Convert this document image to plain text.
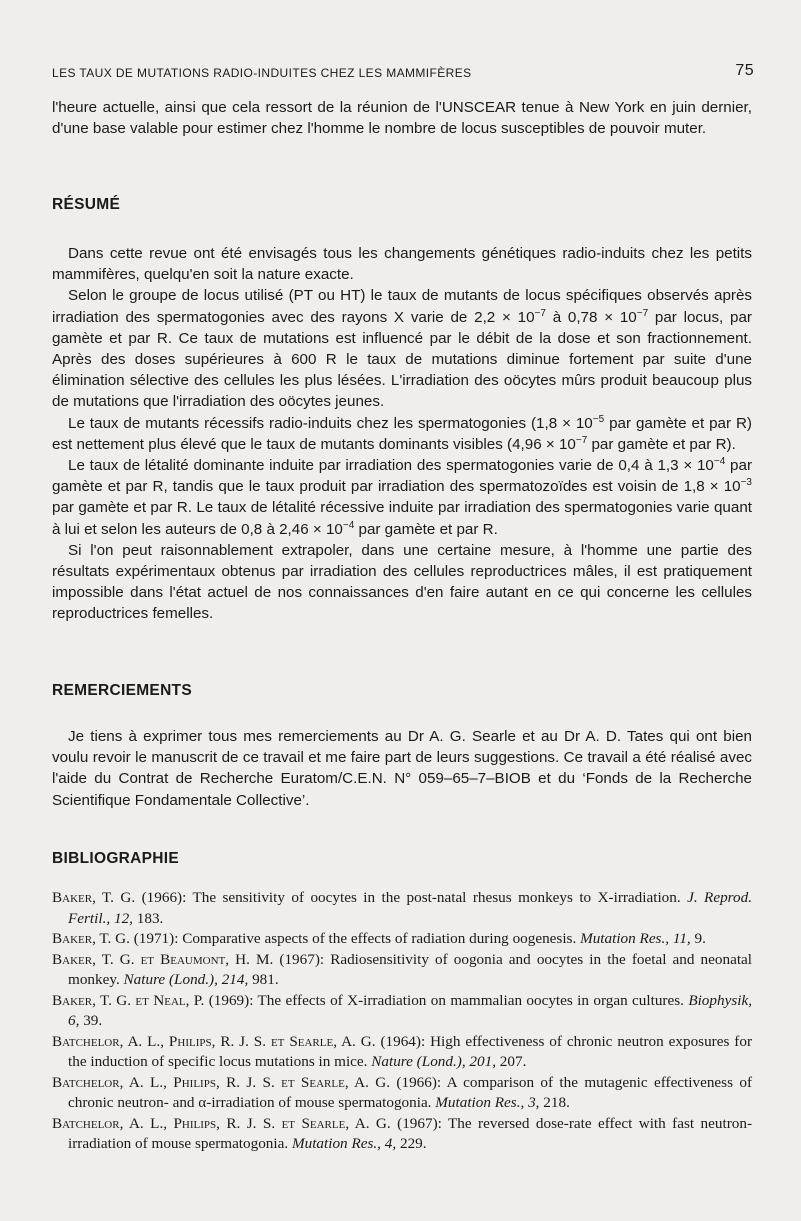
LES TAUX DE MUTATIONS RADIO-INDUITES CHEZ LES MAMMIFÈRES	75

l'heure actuelle, ainsi que cela ressort de la réunion de l'UNSCEAR tenue à New York en juin dernier, d'une base valable pour estimer chez l'homme le nombre de locus susceptibles de pouvoir muter.

RÉSUMÉ

Dans cette revue ont été envisagés tous les changements génétiques radio-induits chez les petits mammifères, quelqu'en soit la nature exacte.

Selon le groupe de locus utilisé (PT ou HT) le taux de mutants de locus spécifiques observés après irradiation des spermatogonies avec des rayons X varie de $2,2 \times 10^{-7}$ à $0,78 \times 10^{-7}$ par locus, par gamète et par R. Ce taux de mutations est influencé par le débit de la dose et son fractionnement. Après des doses supérieures à 600 R le taux de mutations diminue fortement par suite d'une élimination sélective des cellules les plus lésées. L'irradiation des oöcytes mûrs produit beaucoup plus de mutations que l'irradiation des oöcytes jeunes.

Le taux de mutants récessifs radio-induits chez les spermatogonies ($1,8 \times 10^{-5}$ par gamète et par R) est nettement plus élevé que le taux de mutants dominants visibles ($4,96 \times 10^{-7}$ par gamète et par R).

Le taux de létalité dominante induite par irradiation des spermatogonies varie de 0,4 à $1,3 \times 10^{-4}$ par gamète et par R, tandis que le taux produit par irradiation des spermatozoïdes est voisin de $1,8 \times 10^{-3}$ par gamète et par R. Le taux de létalité récessive induite par irradiation des spermatogonies varie quant à lui et selon les auteurs de 0,8 à $2,46 \times 10^{-4}$ par gamète et par R.

Si l'on peut raisonnablement extrapoler, dans une certaine mesure, à l'homme une partie des résultats expérimentaux obtenus par irradiation des cellules reproductrices mâles, il est pratiquement impossible dans l'état actuel de nos connaissances d'en faire autant en ce qui concerne les cellules reproductrices femelles.

REMERCIEMENTS

Je tiens à exprimer tous mes remerciements au Dr A. G. Searle et au Dr A. D. Tates qui ont bien voulu revoir le manuscrit de ce travail et me faire part de leurs suggestions. Ce travail a été réalisé avec l'aide du Contrat de Recherche Euratom/C.E.N. N° 059–65–7–BIOB et du ‘Fonds de la Recherche Scientifique Fondamentale Collective’.

BIBLIOGRAPHIE

Baker, T. G. (1966): The sensitivity of oocytes in the post-natal rhesus monkeys to X-irradiation. J. Reprod. Fertil., 12, 183.

Baker, T. G. (1971): Comparative aspects of the effects of radiation during oogenesis. Mutation Res., 11, 9.

Baker, T. G. et Beaumont, H. M. (1967): Radiosensitivity of oogonia and oocytes in the foetal and neonatal monkey. Nature (Lond.), 214, 981.

Baker, T. G. et Neal, P. (1969): The effects of X-irradiation on mammalian oocytes in organ cultures. Biophysik, 6, 39.

Batchelor, A. L., Philips, R. J. S. et Searle, A. G. (1964): High effectiveness of chronic neutron exposures for the induction of specific locus mutations in mice. Nature (Lond.), 201, 207.

Batchelor, A. L., Philips, R. J. S. et Searle, A. G. (1966): A comparison of the mutagenic effectiveness of chronic neutron- and α-irradiation of mouse spermatogonia. Mutation Res., 3, 218.

Batchelor, A. L., Philips, R. J. S. et Searle, A. G. (1967): The reversed dose-rate effect with fast neutron-irradiation of mouse spermatogonia. Mutation Res., 4, 229.
